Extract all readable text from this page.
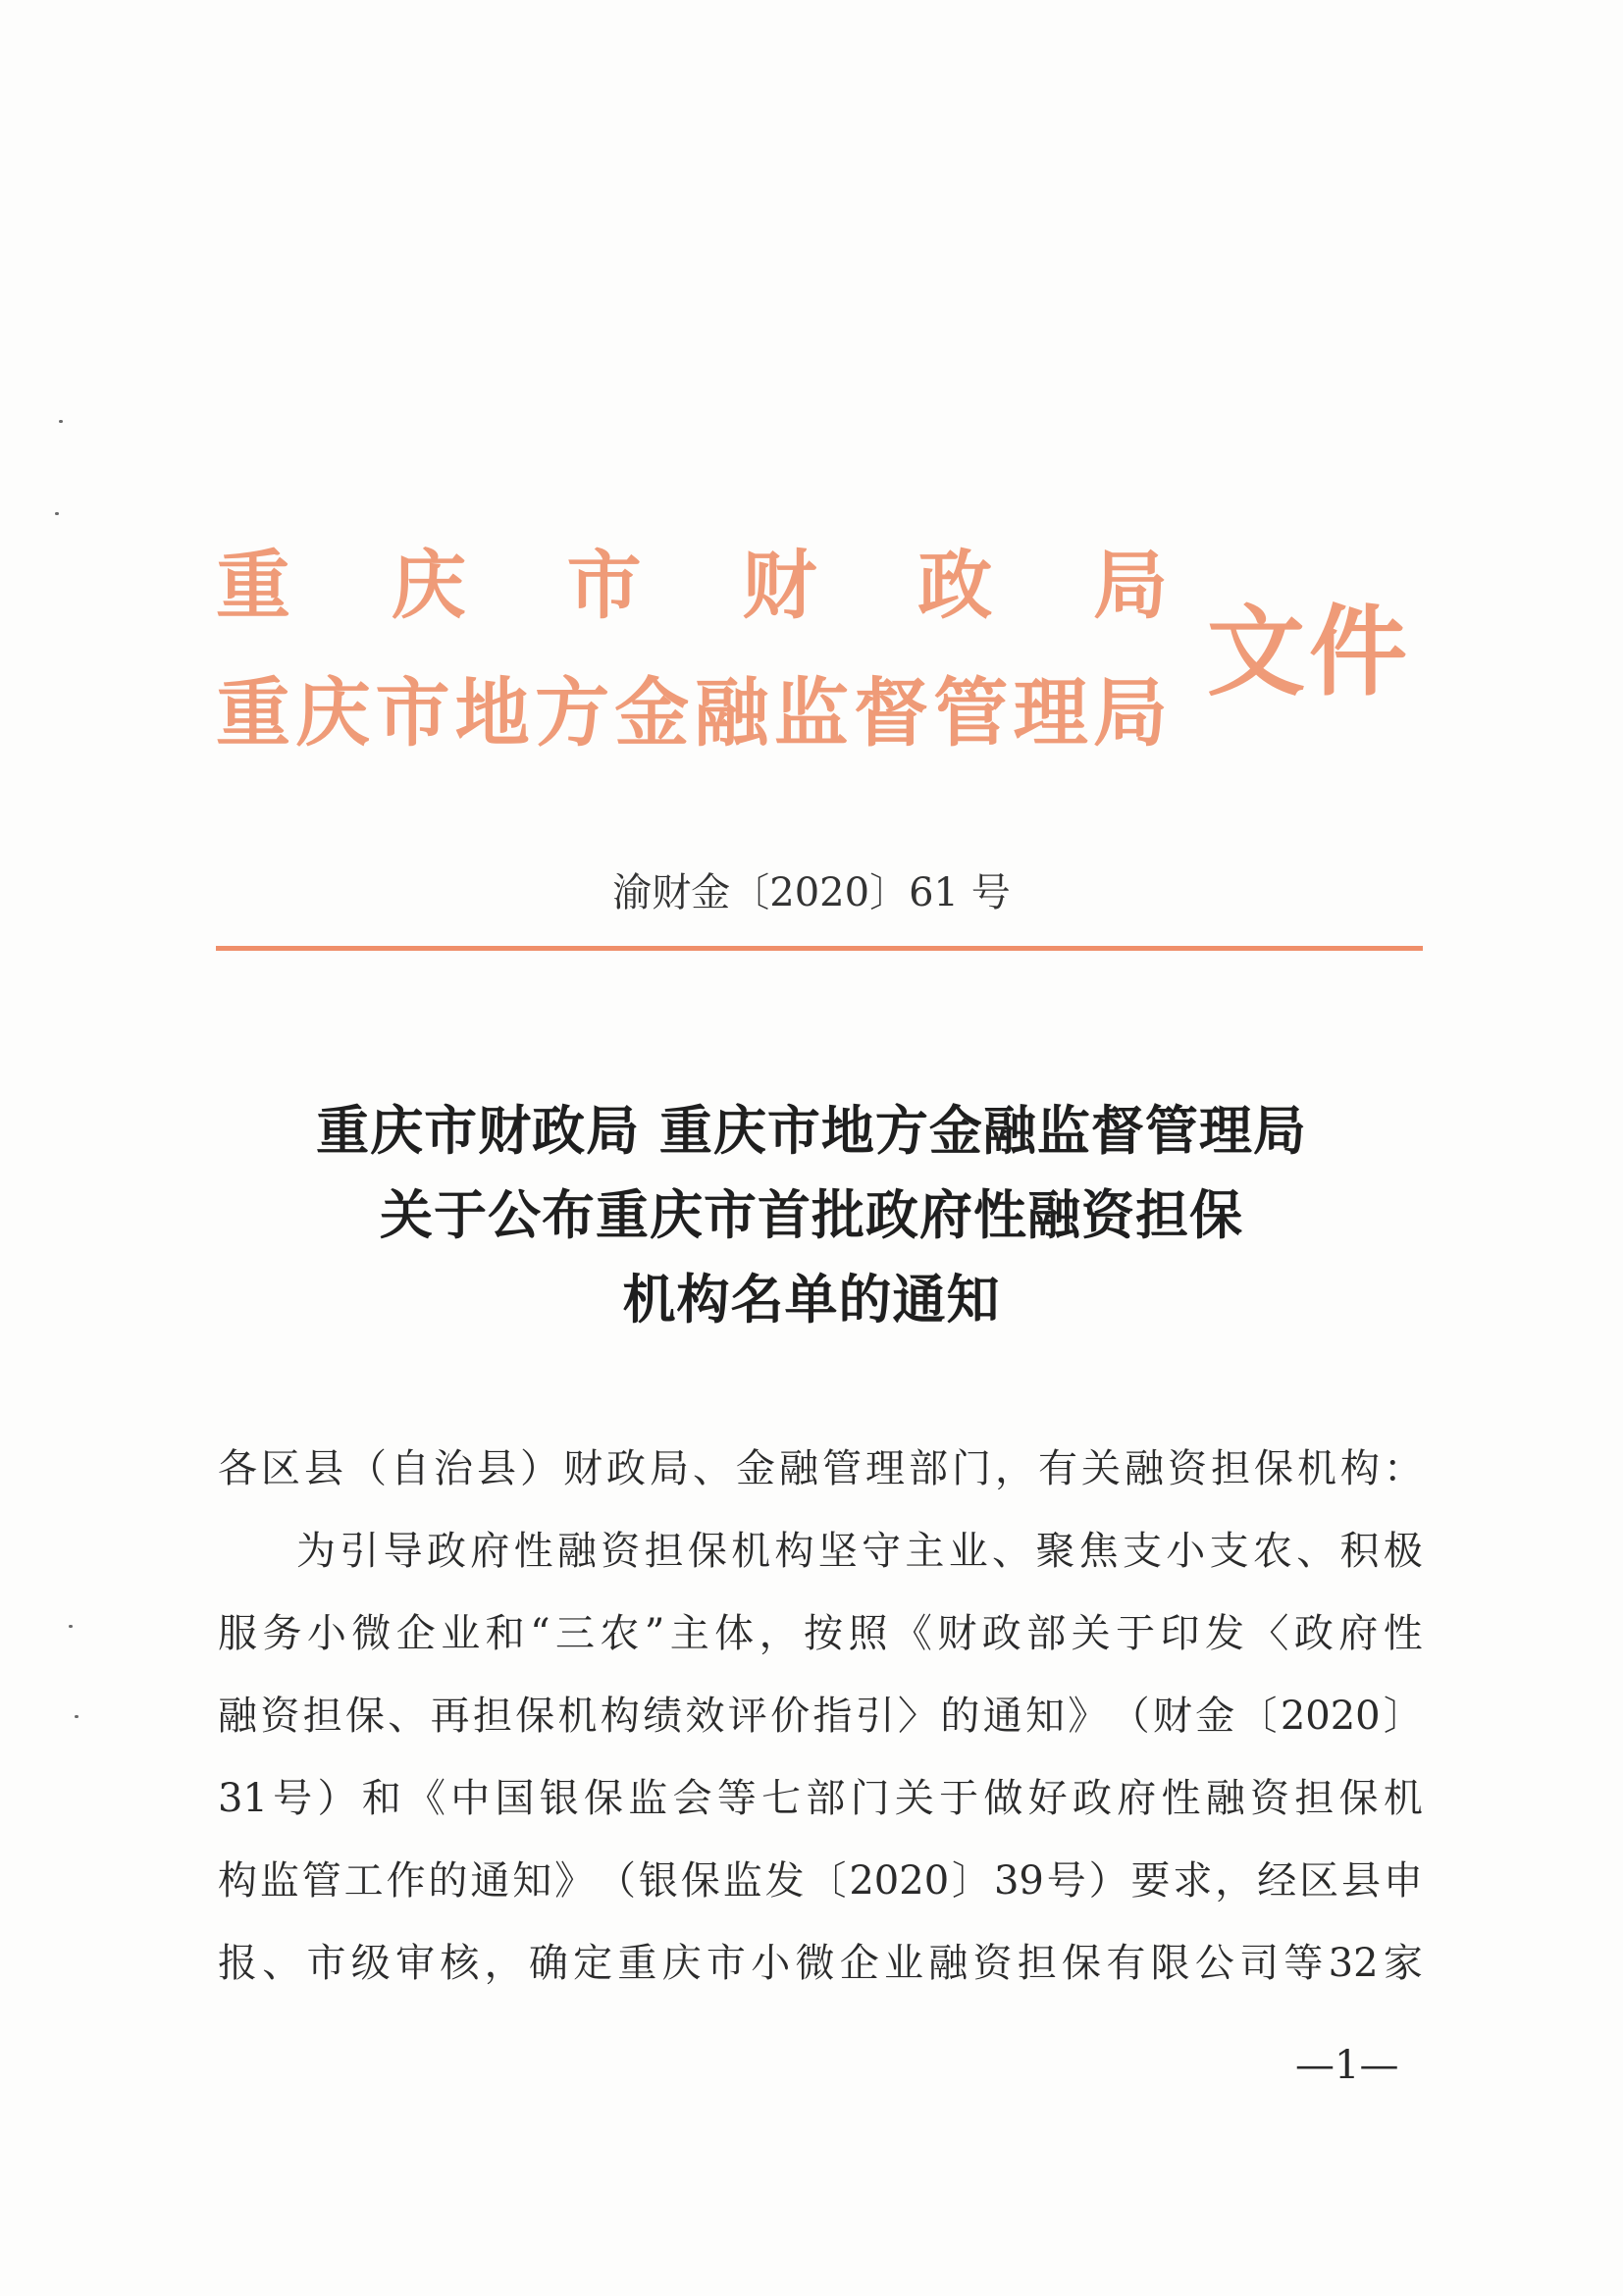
重 庆 市 财 政 局
重 庆 市 地 方 金 融 监 督 管 理 局
文件
渝财金〔2020〕61 号
重庆市财政局 重庆市地方金融监督管理局
关于公布重庆市首批政府性融资担保
机构名单的通知
各 区 县 （ 自 治 县 ） 财 政 局 、 金 融 管 理 部 门 ， 有 关 融 资 担 保 机 构 ：
为 引 导 政 府 性 融 资 担 保 机 构 坚 守 主 业 、 聚 焦 支 小 支 农 、 积 极
服 务 小 微 企 业 和 “ 三 农 ” 主 体 ， 按 照 《 财 政 部 关 于 印 发 〈 政 府 性
融 资 担 保 、 再 担 保 机 构 绩 效 评 价 指 引 〉 的 通 知 》 （ 财 金 〔 2020 〕
31 号 ） 和 《 中 国 银 保 监 会 等 七 部 门 关 于 做 好 政 府 性 融 资 担 保 机
构 监 管 工 作 的 通 知 》 （ 银 保 监 发 〔 2020 〕 39 号 ） 要 求 ， 经 区 县 申
报 、 市 级 审 核 ， 确 定 重 庆 市 小 微 企 业 融 资 担 保 有 限 公 司 等 32 家
—1—
